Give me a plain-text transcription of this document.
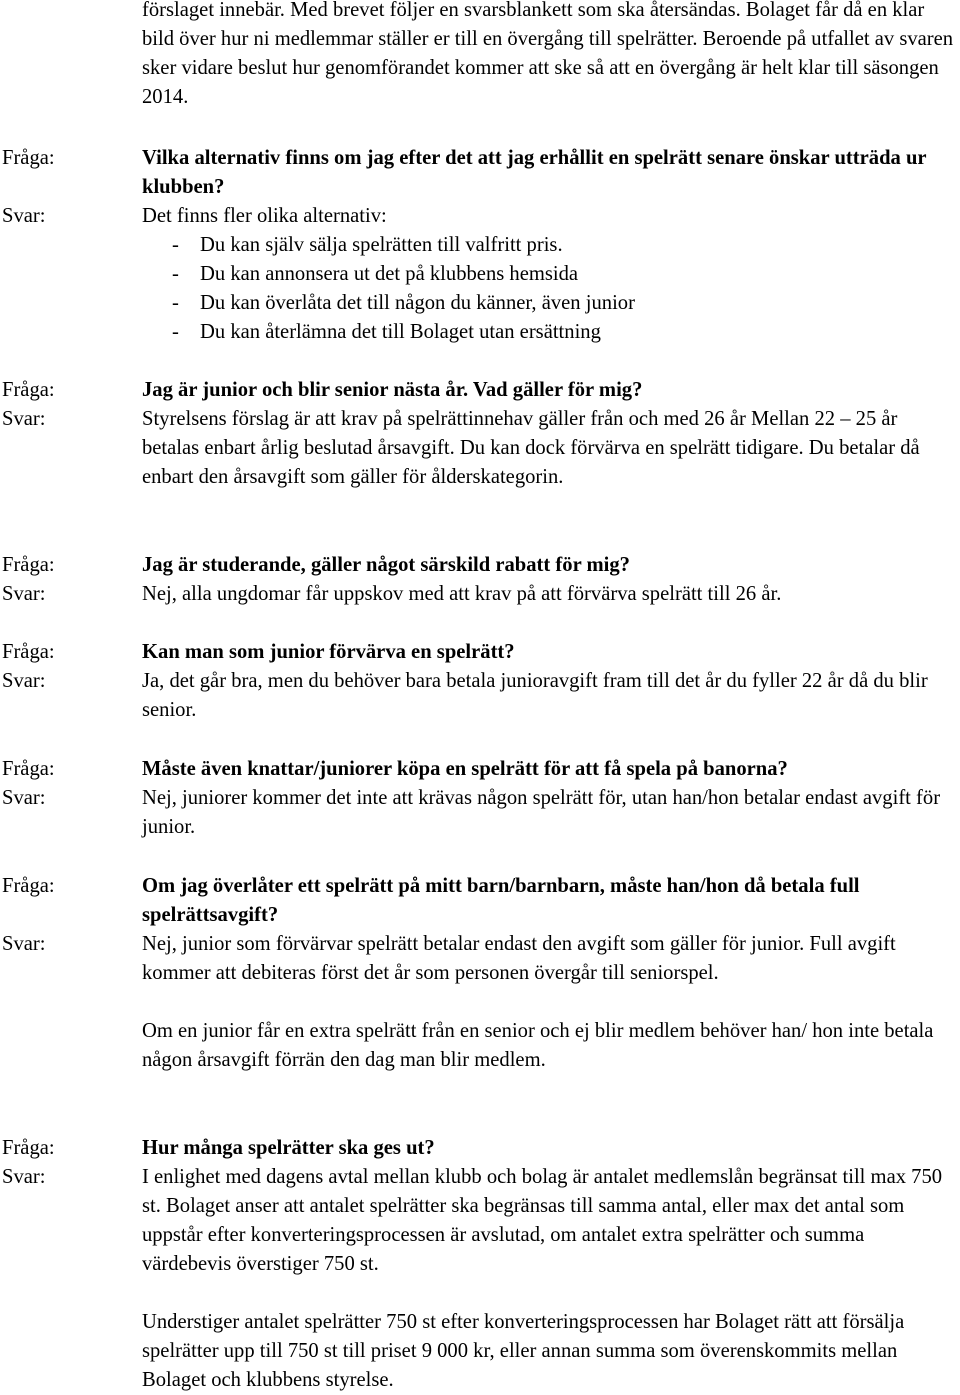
förslaget innebär. Med brevet följer en svarsblankett som ska återsändas. Bolaget får då en klar bild över hur ni medlemmar ställer er till en övergång till spelrätter. Beroende på utfallet av svaren sker vidare beslut hur genomförandet kommer att ske så att en övergång är helt klar till säsongen 2014.

Fråga:
Svar:

Vilka alternativ finns om jag efter det att jag erhållit en spelrätt senare önskar utträda ur klubben?

Det finns fler olika alternativ:

- Du kan själv sälja spelrätten till valfritt pris.
- Du kan annonsera ut det på klubbens hemsida
- Du kan överlåta det till någon du känner, även junior
- Du kan återlämna det till Bolaget utan ersättning
Fråga:
Svar:

Jag är junior och blir senior nästa år. Vad gäller för mig?

Styrelsens förslag är att krav på spelrättinnehav gäller från och med 26 år Mellan 22 – 25 år betalas enbart årlig beslutad årsavgift. Du kan dock förvärva en spelrätt tidigare. Du betalar då enbart den årsavgift som gäller för ålderskategorin.

Fråga:
Svar:

Jag är studerande, gäller något särskild rabatt för mig?

Nej, alla ungdomar får uppskov med att krav på att förvärva spelrätt till 26 år.

Fråga:
Svar:

Kan man som junior förvärva en spelrätt?

Ja, det går bra, men du behöver bara betala junioravgift fram till det år du fyller 22 år då du blir senior.

Fråga:
Svar:

Måste även knattar/juniorer köpa en spelrätt för att få spela på banorna?

Nej, juniorer kommer det inte att krävas någon spelrätt för, utan han/hon betalar endast avgift för junior.

Fråga:
Svar:

Om jag överlåter ett spelrätt på mitt barn/barnbarn, måste han/hon då betala full spelrättsavgift?

Nej, junior som förvärvar spelrätt betalar endast den avgift som gäller för junior. Full avgift kommer att debiteras först det år som personen övergår till seniorspel.

Om en junior får en extra spelrätt från en senior och ej blir medlem behöver han/ hon inte betala någon årsavgift förrän den dag man blir medlem.

Fråga:
Svar:

Hur många spelrätter ska ges ut?

I enlighet med dagens avtal mellan klubb och bolag är antalet medlemslån begränsat till max 750 st. Bolaget anser att antalet spelrätter ska begränsas till samma antal, eller max det antal som uppstår efter konverteringsprocessen är avslutad, om antalet extra spelrätter och summa värdebevis överstiger 750 st.

Understiger antalet spelrätter 750 st efter konverteringsprocessen har Bolaget rätt att försälja spelrätter upp till 750 st till priset 9 000 kr, eller annan summa som överenskommits mellan Bolaget och klubbens styrelse.
